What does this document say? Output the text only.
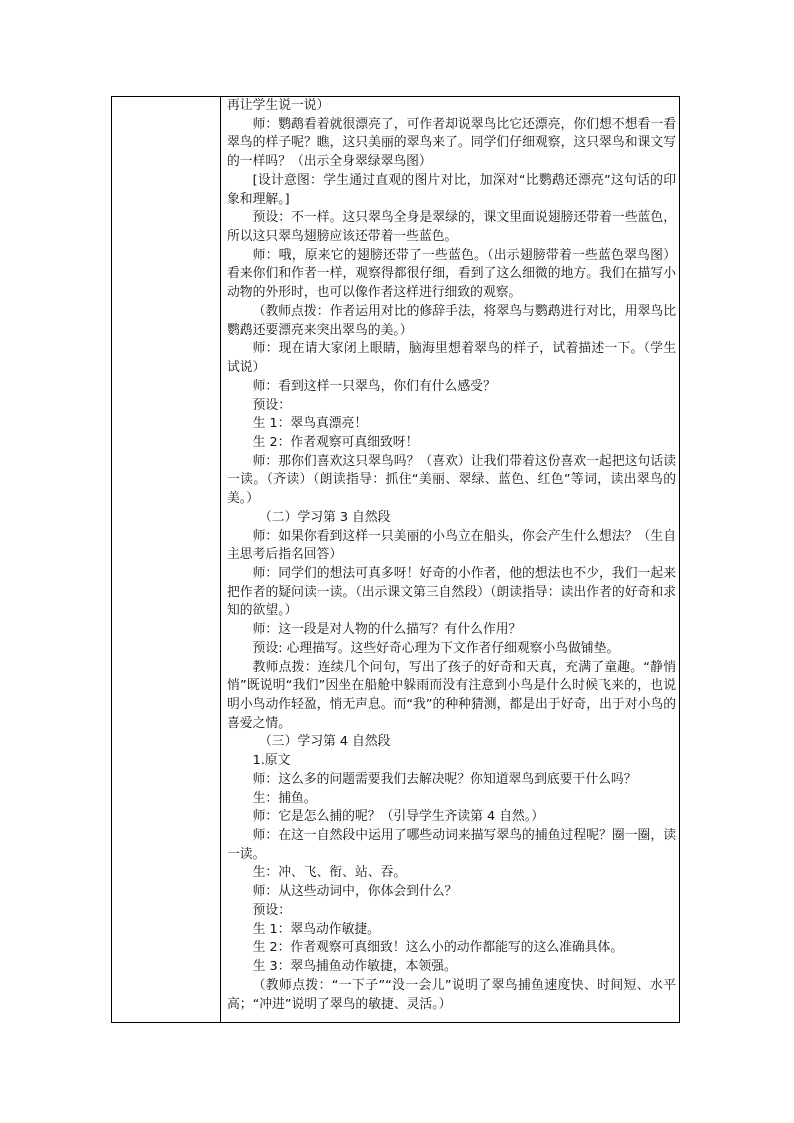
再让学生说一说）

师：鹦鹉看着就很漂亮了，可作者却说翠鸟比它还漂亮，你们想不想看一看翠鸟的样子呢？瞧，这只美丽的翠鸟来了。同学们仔细观察，这只翠鸟和课文写的一样吗？（出示全身翠绿翠鸟图）

[设计意图：学生通过直观的图片对比，加深对“比鹦鹉还漂亮”这句话的印象和理解。]

预设：不一样。这只翠鸟全身是翠绿的，课文里面说翅膀还带着一些蓝色，所以这只翠鸟翅膀应该还带着一些蓝色。

师：哦，原来它的翅膀还带了一些蓝色。（出示翅膀带着一些蓝色翠鸟图）看来你们和作者一样，观察得都很仔细，看到了这么细微的地方。我们在描写小动物的外形时，也可以像作者这样进行细致的观察。

（教师点拨：作者运用对比的修辞手法，将翠鸟与鹦鹉进行对比，用翠鸟比鹦鹉还要漂亮来突出翠鸟的美。）

师：现在请大家闭上眼睛，脑海里想着翠鸟的样子，试着描述一下。（学生试说）

师：看到这样一只翠鸟，你们有什么感受？

预设：

生 1：翠鸟真漂亮！

生 2：作者观察可真细致呀！

师：那你们喜欢这只翠鸟吗？（喜欢）让我们带着这份喜欢一起把这句话读一读。（齐读）（朗读指导：抓住“美丽、翠绿、蓝色、红色”等词，读出翠鸟的美。）

（二）学习第 3 自然段

师：如果你看到这样一只美丽的小鸟立在船头，你会产生什么想法？（生自主思考后指名回答）

师：同学们的想法可真多呀！好奇的小作者，他的想法也不少，我们一起来把作者的疑问读一读。（出示课文第三自然段）（朗读指导：读出作者的好奇和求知的欲望。）

师：这一段是对人物的什么描写？有什么作用？

预设: 心理描写。这些好奇心理为下文作者仔细观察小鸟做铺垫。

教师点拨：连续几个问句，写出了孩子的好奇和天真，充满了童趣。“静悄悄”既说明“我们”因坐在船舱中躲雨而没有注意到小鸟是什么时候飞来的，也说明小鸟动作轻盈，悄无声息。而“我”的种种猜测，都是出于好奇，出于对小鸟的喜爱之情。

（三）学习第 4 自然段

1.原文

师：这么多的问题需要我们去解决呢？你知道翠鸟到底要干什么吗？

生：捕鱼。

师：它是怎么捕的呢？（引导学生齐读第 4 自然。）

师：在这一自然段中运用了哪些动词来描写翠鸟的捕鱼过程呢？圈一圈，读一读。

生：冲、飞、衔、站、吞。

师：从这些动词中，你体会到什么？

预设：

生 1：翠鸟动作敏捷。

生 2：作者观察可真细致！这么小的动作都能写的这么准确具体。

生 3：翠鸟捕鱼动作敏捷，本领强。

（教师点拨：“一下子”“没一会儿”说明了翠鸟捕鱼速度快、时间短、水平高；“冲进”说明了翠鸟的敏捷、灵活。）
